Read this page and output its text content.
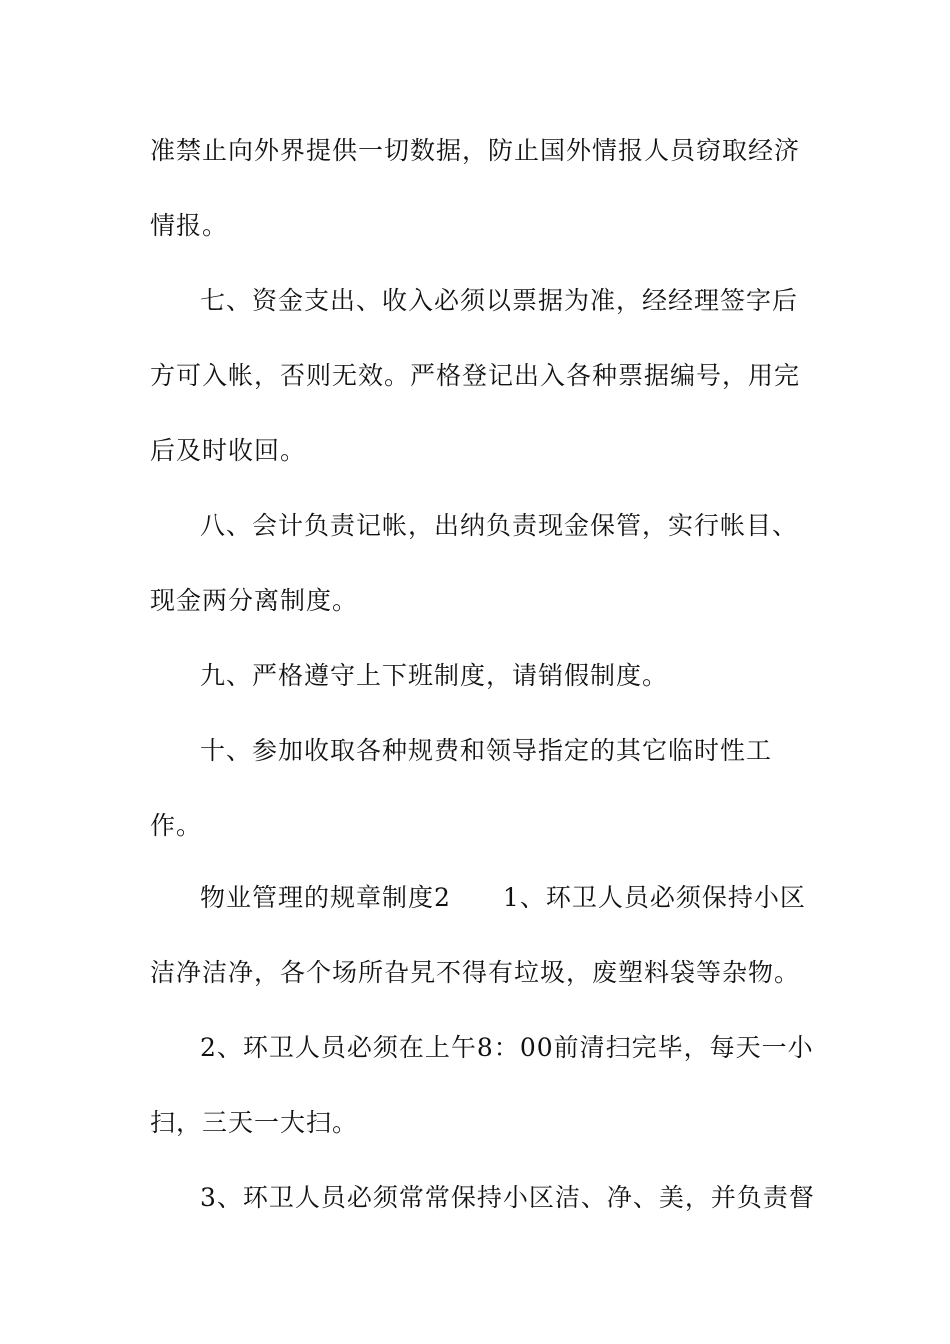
准禁止向外界提供一切数据，防止国外情报人员窃取经济
情报。
七、资金支出、收入必须以票据为准，经经理签字后
方可入帐，否则无效。严格登记出入各种票据编号，用完
后及时收回。
八、会计负责记帐，出纳负责现金保管，实行帐目、
现金两分离制度。
九、严格遵守上下班制度，请销假制度。
十、参加收取各种规费和领导指定的其它临时性工
作。
物业管理的规章制度2　　1、环卫人员必须保持小区
洁净洁净，各个场所旮旯不得有垃圾，废塑料袋等杂物。
2、环卫人员必须在上午8：00前清扫完毕，每天一小
扫，三天一大扫。
3、环卫人员必须常常保持小区洁、净、美，并负责督
